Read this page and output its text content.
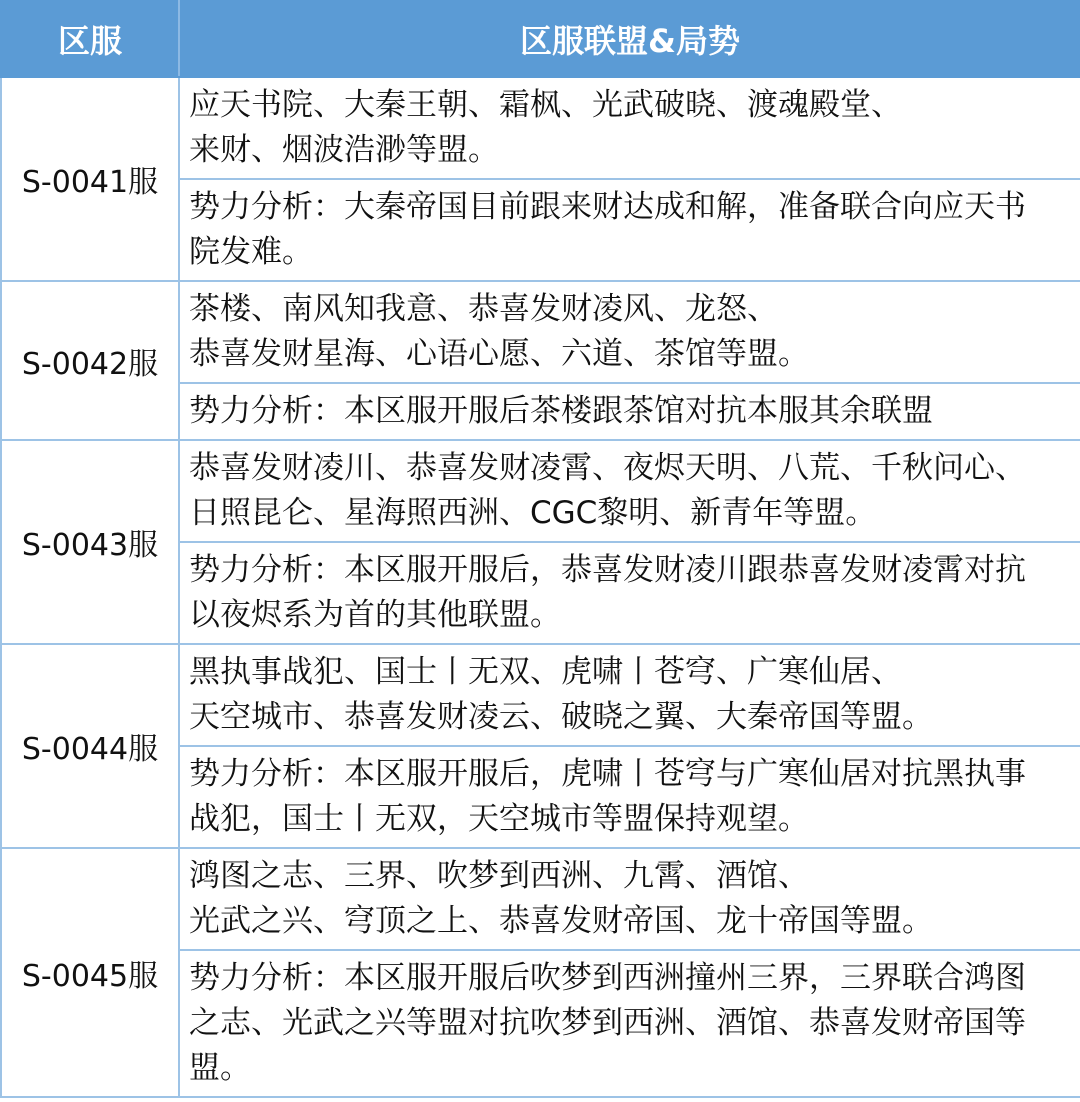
区服	区服联盟&局势
S-0041服	应天书院、大秦王朝、霜枫、光武破晓、渡魂殿堂、
来财、烟波浩渺等盟。

	势力分析：大秦帝国目前跟来财达成和解，准备联合向应天书
院发难。

S-0042服	茶楼、南风知我意、恭喜发财凌风、龙怒、
恭喜发财星海、心语心愿、六道、茶馆等盟。

	势力分析：本区服开服后茶楼跟茶馆对抗本服其余联盟

S-0043服	恭喜发财凌川、恭喜发财凌霄、夜烬天明、八荒、千秋问心、
日照昆仑、星海照西洲、CGC黎明、新青年等盟。

	势力分析：本区服开服后，恭喜发财凌川跟恭喜发财凌霄对抗
以夜烬系为首的其他联盟。

S-0044服	黑执事战犯、国士丨无双、虎啸丨苍穹、广寒仙居、
天空城市、恭喜发财凌云、破晓之翼、大秦帝国等盟。

	势力分析：本区服开服后，虎啸丨苍穹与广寒仙居对抗黑执事
战犯，国士丨无双，天空城市等盟保持观望。

S-0045服	鸿图之志、三界、吹梦到西洲、九霄、酒馆、
光武之兴、穹顶之上、恭喜发财帝国、龙十帝国等盟。

	势力分析：本区服开服后吹梦到西洲撞州三界，三界联合鸿图
之志、光武之兴等盟对抗吹梦到西洲、酒馆、恭喜发财帝国等
盟。
